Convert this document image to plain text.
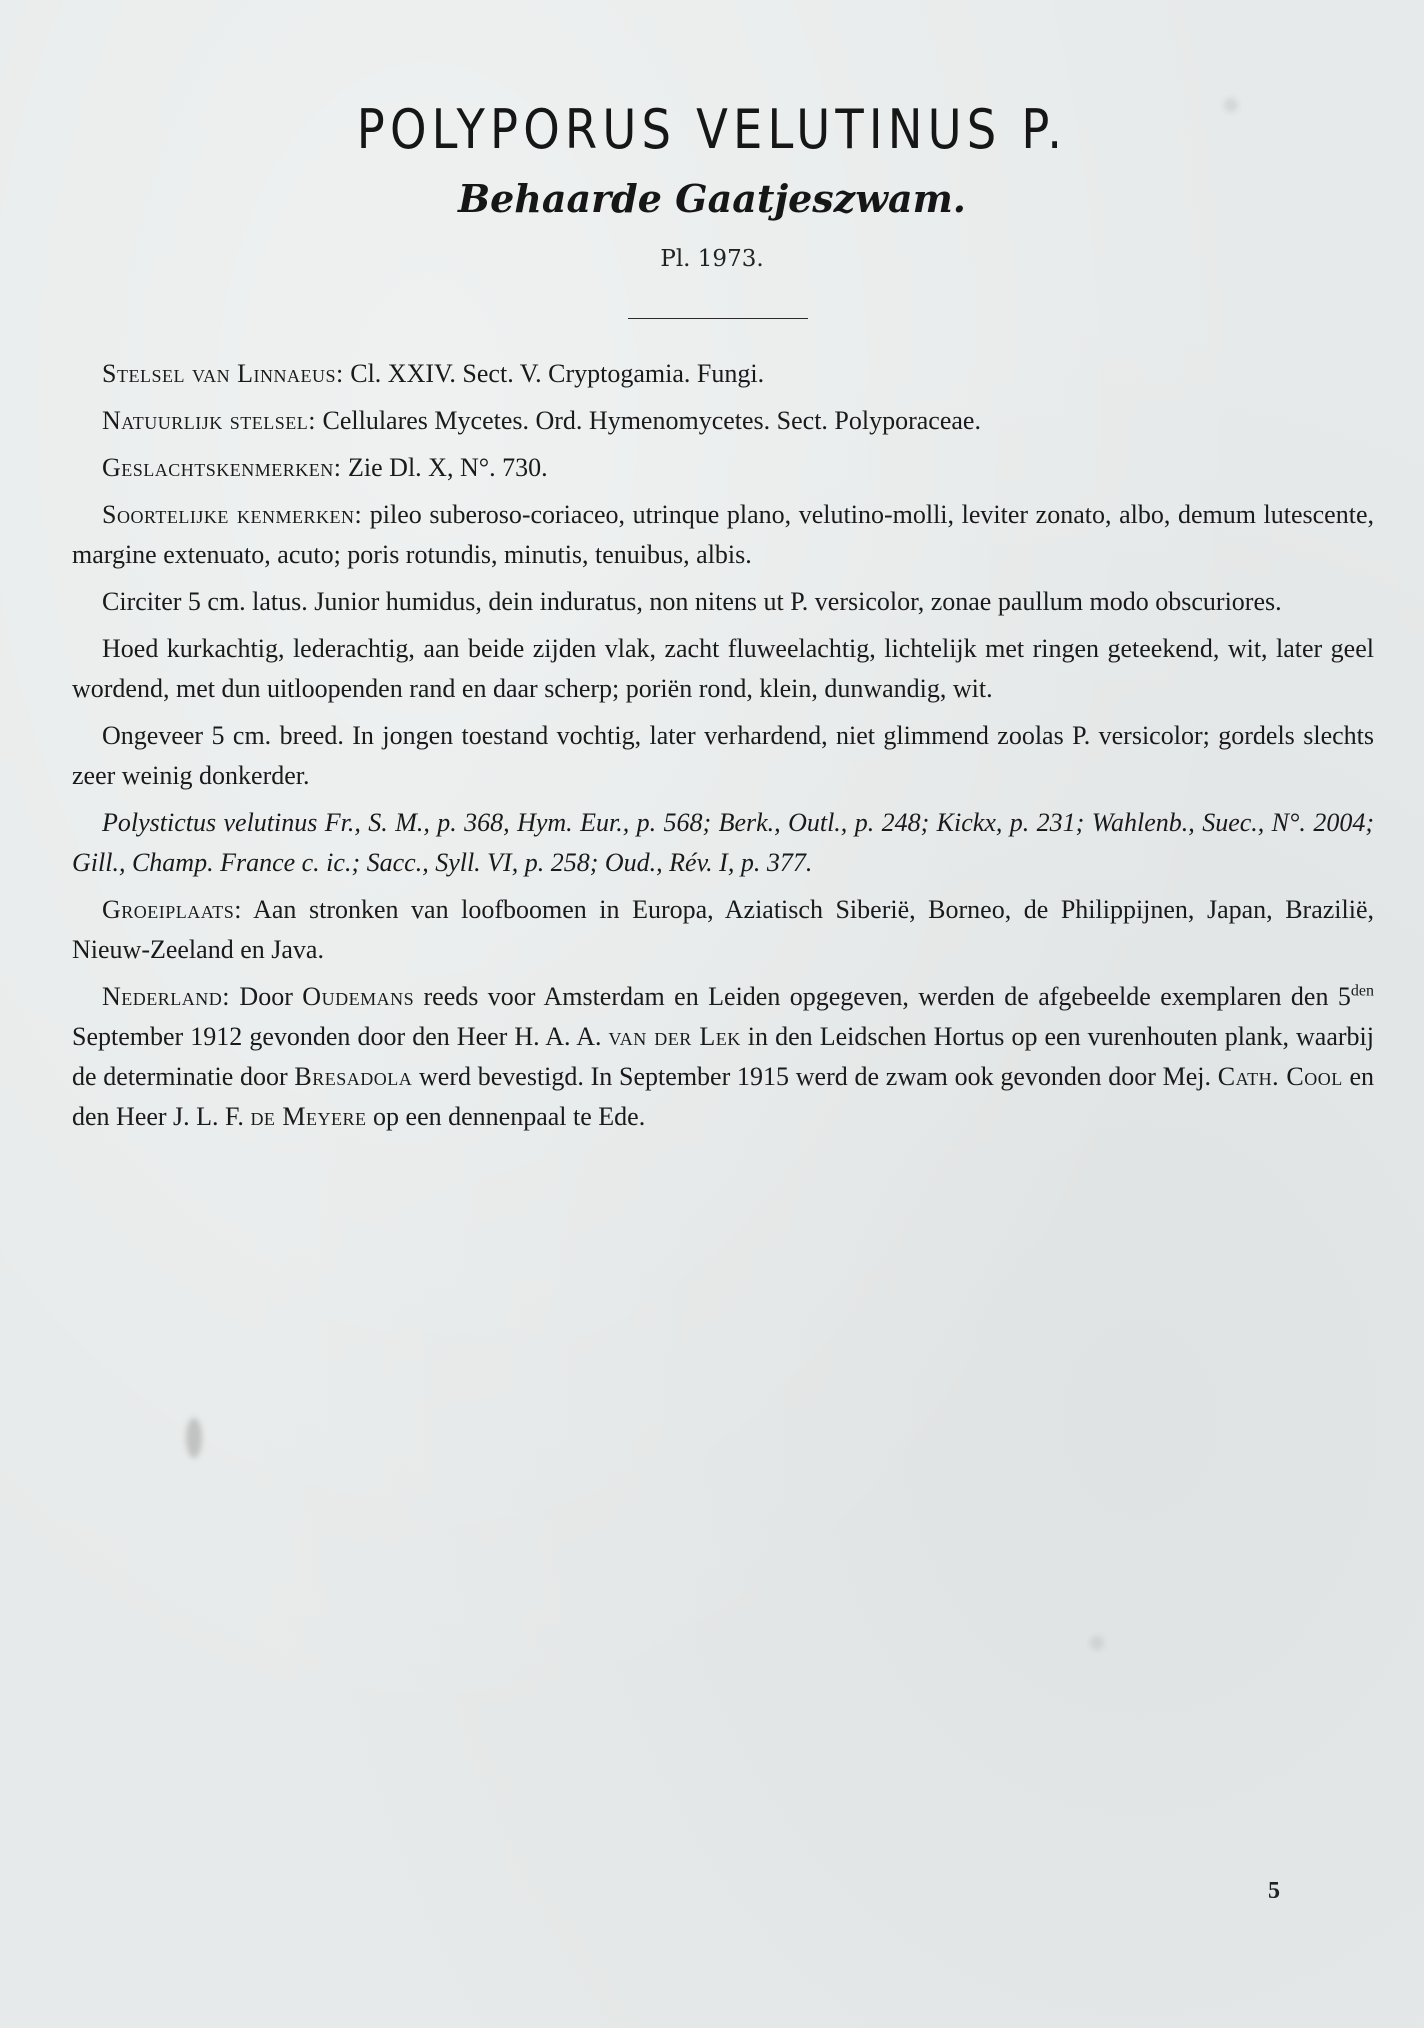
POLYPORUS VELUTINUS P.
Behaarde Gaatjeszwam.
Pl. 1973.

Stelsel van Linnaeus: Cl. XXIV. Sect. V. Cryptogamia. Fungi.

Natuurlijk stelsel: Cellulares Mycetes. Ord. Hymenomycetes. Sect. Polyporaceae.

Geslachtskenmerken: Zie Dl. X, N°. 730.

Soortelijke kenmerken: pileo suberoso-coriaceo, utrinque plano, velutino-molli, leviter zonato, albo, demum lutescente, margine extenuato, acuto; poris rotundis, minutis, tenuibus, albis.

Circiter 5 cm. latus. Junior humidus, dein induratus, non nitens ut P. versicolor, zonae paullum modo obscuriores.

Hoed kurkachtig, lederachtig, aan beide zijden vlak, zacht fluweelachtig, lichtelijk met ringen geteekend, wit, later geel wordend, met dun uitloopenden rand en daar scherp; poriën rond, klein, dunwandig, wit.

Ongeveer 5 cm. breed. In jongen toestand vochtig, later verhardend, niet glimmend zoolas P. versicolor; gordels slechts zeer weinig donkerder.

Polystictus velutinus Fr., S. M., p. 368, Hym. Eur., p. 568; Berk., Outl., p. 248; Kickx, p. 231; Wahlenb., Suec., N°. 2004; Gill., Champ. France c. ic.; Sacc., Syll. VI, p. 258; Oud., Rév. I, p. 377.

Groeiplaats: Aan stronken van loofboomen in Europa, Aziatisch Siberië, Borneo, de Philippijnen, Japan, Brazilië, Nieuw-Zeeland en Java.

Nederland: Door Oudemans reeds voor Amsterdam en Leiden opgegeven, werden de afgebeelde exemplaren den $5^{den}$ September 1912 gevonden door den Heer H. A. A. van der Lek in den Leidschen Hortus op een vurenhouten plank, waarbij de determinatie door Bresadola werd bevestigd. In September 1915 werd de zwam ook gevonden door Mej. Cath. Cool en den Heer J. L. F. de Meyere op een dennenpaal te Ede.

5
